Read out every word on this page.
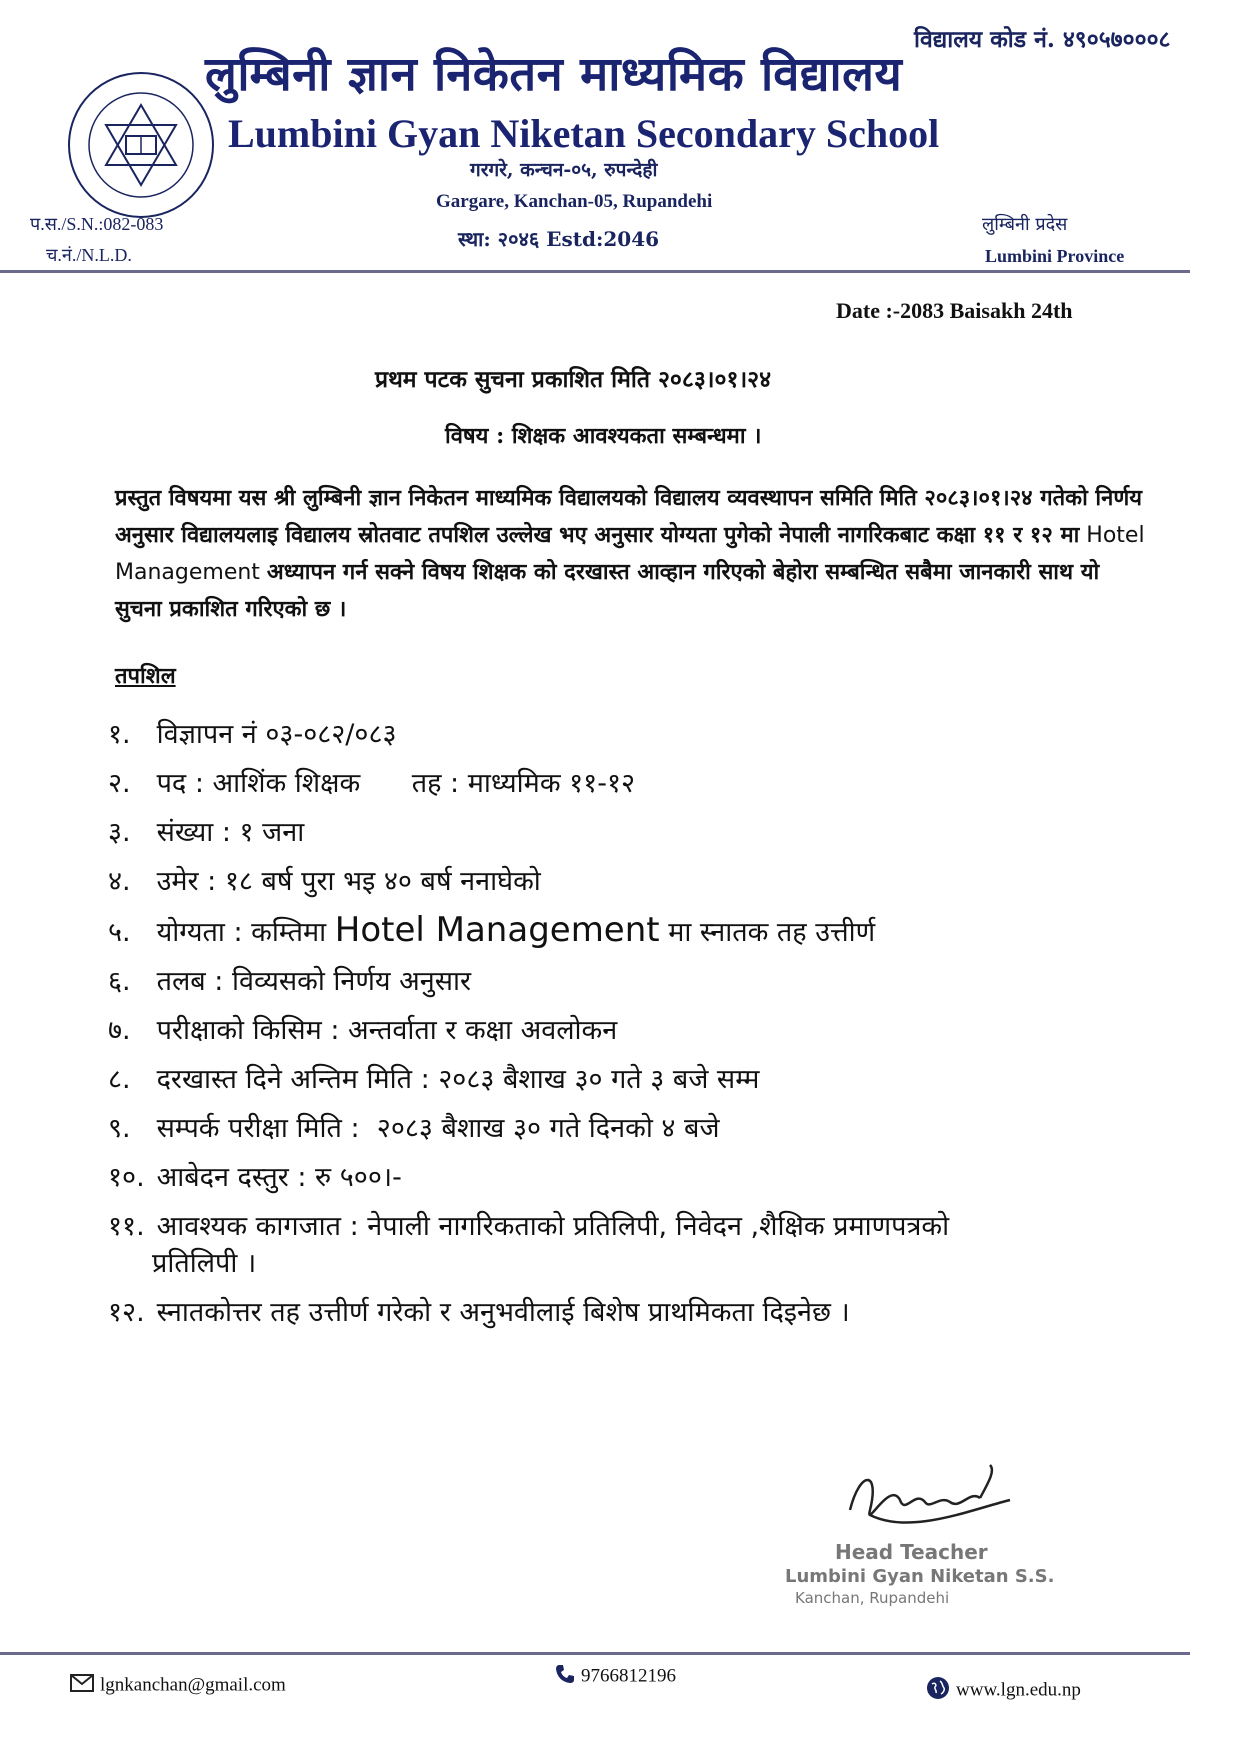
विद्यालय कोड नं. ४९०५७०००८
लुम्बिनी ज्ञान निकेतन माध्यमिक विद्यालय
Lumbini Gyan Niketan Secondary School
गरगरे, कन्चन-०५, रुपन्देही
Gargare, Kanchan-05, Rupandehi
स्था: २०४६ Estd:2046
प.स./S.N.:082-083
च.नं./N.L.D.
लुम्बिनी प्रदेस
Lumbini Province
Date :-2083 Baisakh 24th
प्रथम पटक सुचना प्रकाशित मिति २०८३।०१।२४
विषय : शिक्षक आवश्यकता सम्बन्धमा ।
प्रस्तुत विषयमा यस श्री लुम्बिनी ज्ञान निकेतन माध्यमिक विद्यालयको विद्यालय व्यवस्थापन समिति मिति २०८३।०१।२४ गतेको निर्णय अनुसार विद्यालयलाइ विद्यालय स्रोतवाट तपशिल उल्लेख भए अनुसार योग्यता पुगेको नेपाली नागरिकबाट कक्षा ११ र १२ मा Hotel Management अध्यापन गर्न सक्ने विषय शिक्षक को दरखास्त आव्हान गरिएको बेहोरा सम्बन्धित सबैमा जानकारी साथ यो सुचना प्रकाशित गरिएको छ ।
तपशिल
१. विज्ञापन नं ०३-०८२/०८३
२. पद : आशिंक शिक्षक      तह : माध्यमिक ११-१२
३. संख्या : १ जना
४. उमेर : १८ बर्ष पुरा भइ ४० बर्ष ननाघेको
५. योग्यता : कम्तिमा Hotel Management मा स्नातक तह उत्तीर्ण
६. तलब : विव्यसको निर्णय अनुसार
७. परीक्षाको किसिम : अन्तर्वाता र कक्षा अवलोकन
८. दरखास्त दिने अन्तिम मिति : २०८३ बैशाख ३० गते ३ बजे सम्म
९. सम्पर्क परीक्षा मिति :  २०८३ बैशाख ३० गते दिनको ४ बजे
१०. आबेदन दस्तुर : रु ५००।-
११. आवश्यक कागजात : नेपाली नागरिकताको प्रतिलिपी, निवेदन ,शैक्षिक प्रमाणपत्रको
प्रतिलिपी ।
१२. स्नातकोत्तर तह उत्तीर्ण गरेको र अनुभवीलाई बिशेष प्राथमिकता दिइनेछ ।
Head Teacher
Lumbini Gyan Niketan S.S.
Kanchan, Rupandehi
lgnkanchan@gmail.com	9766812196
www.lgn.edu.np
